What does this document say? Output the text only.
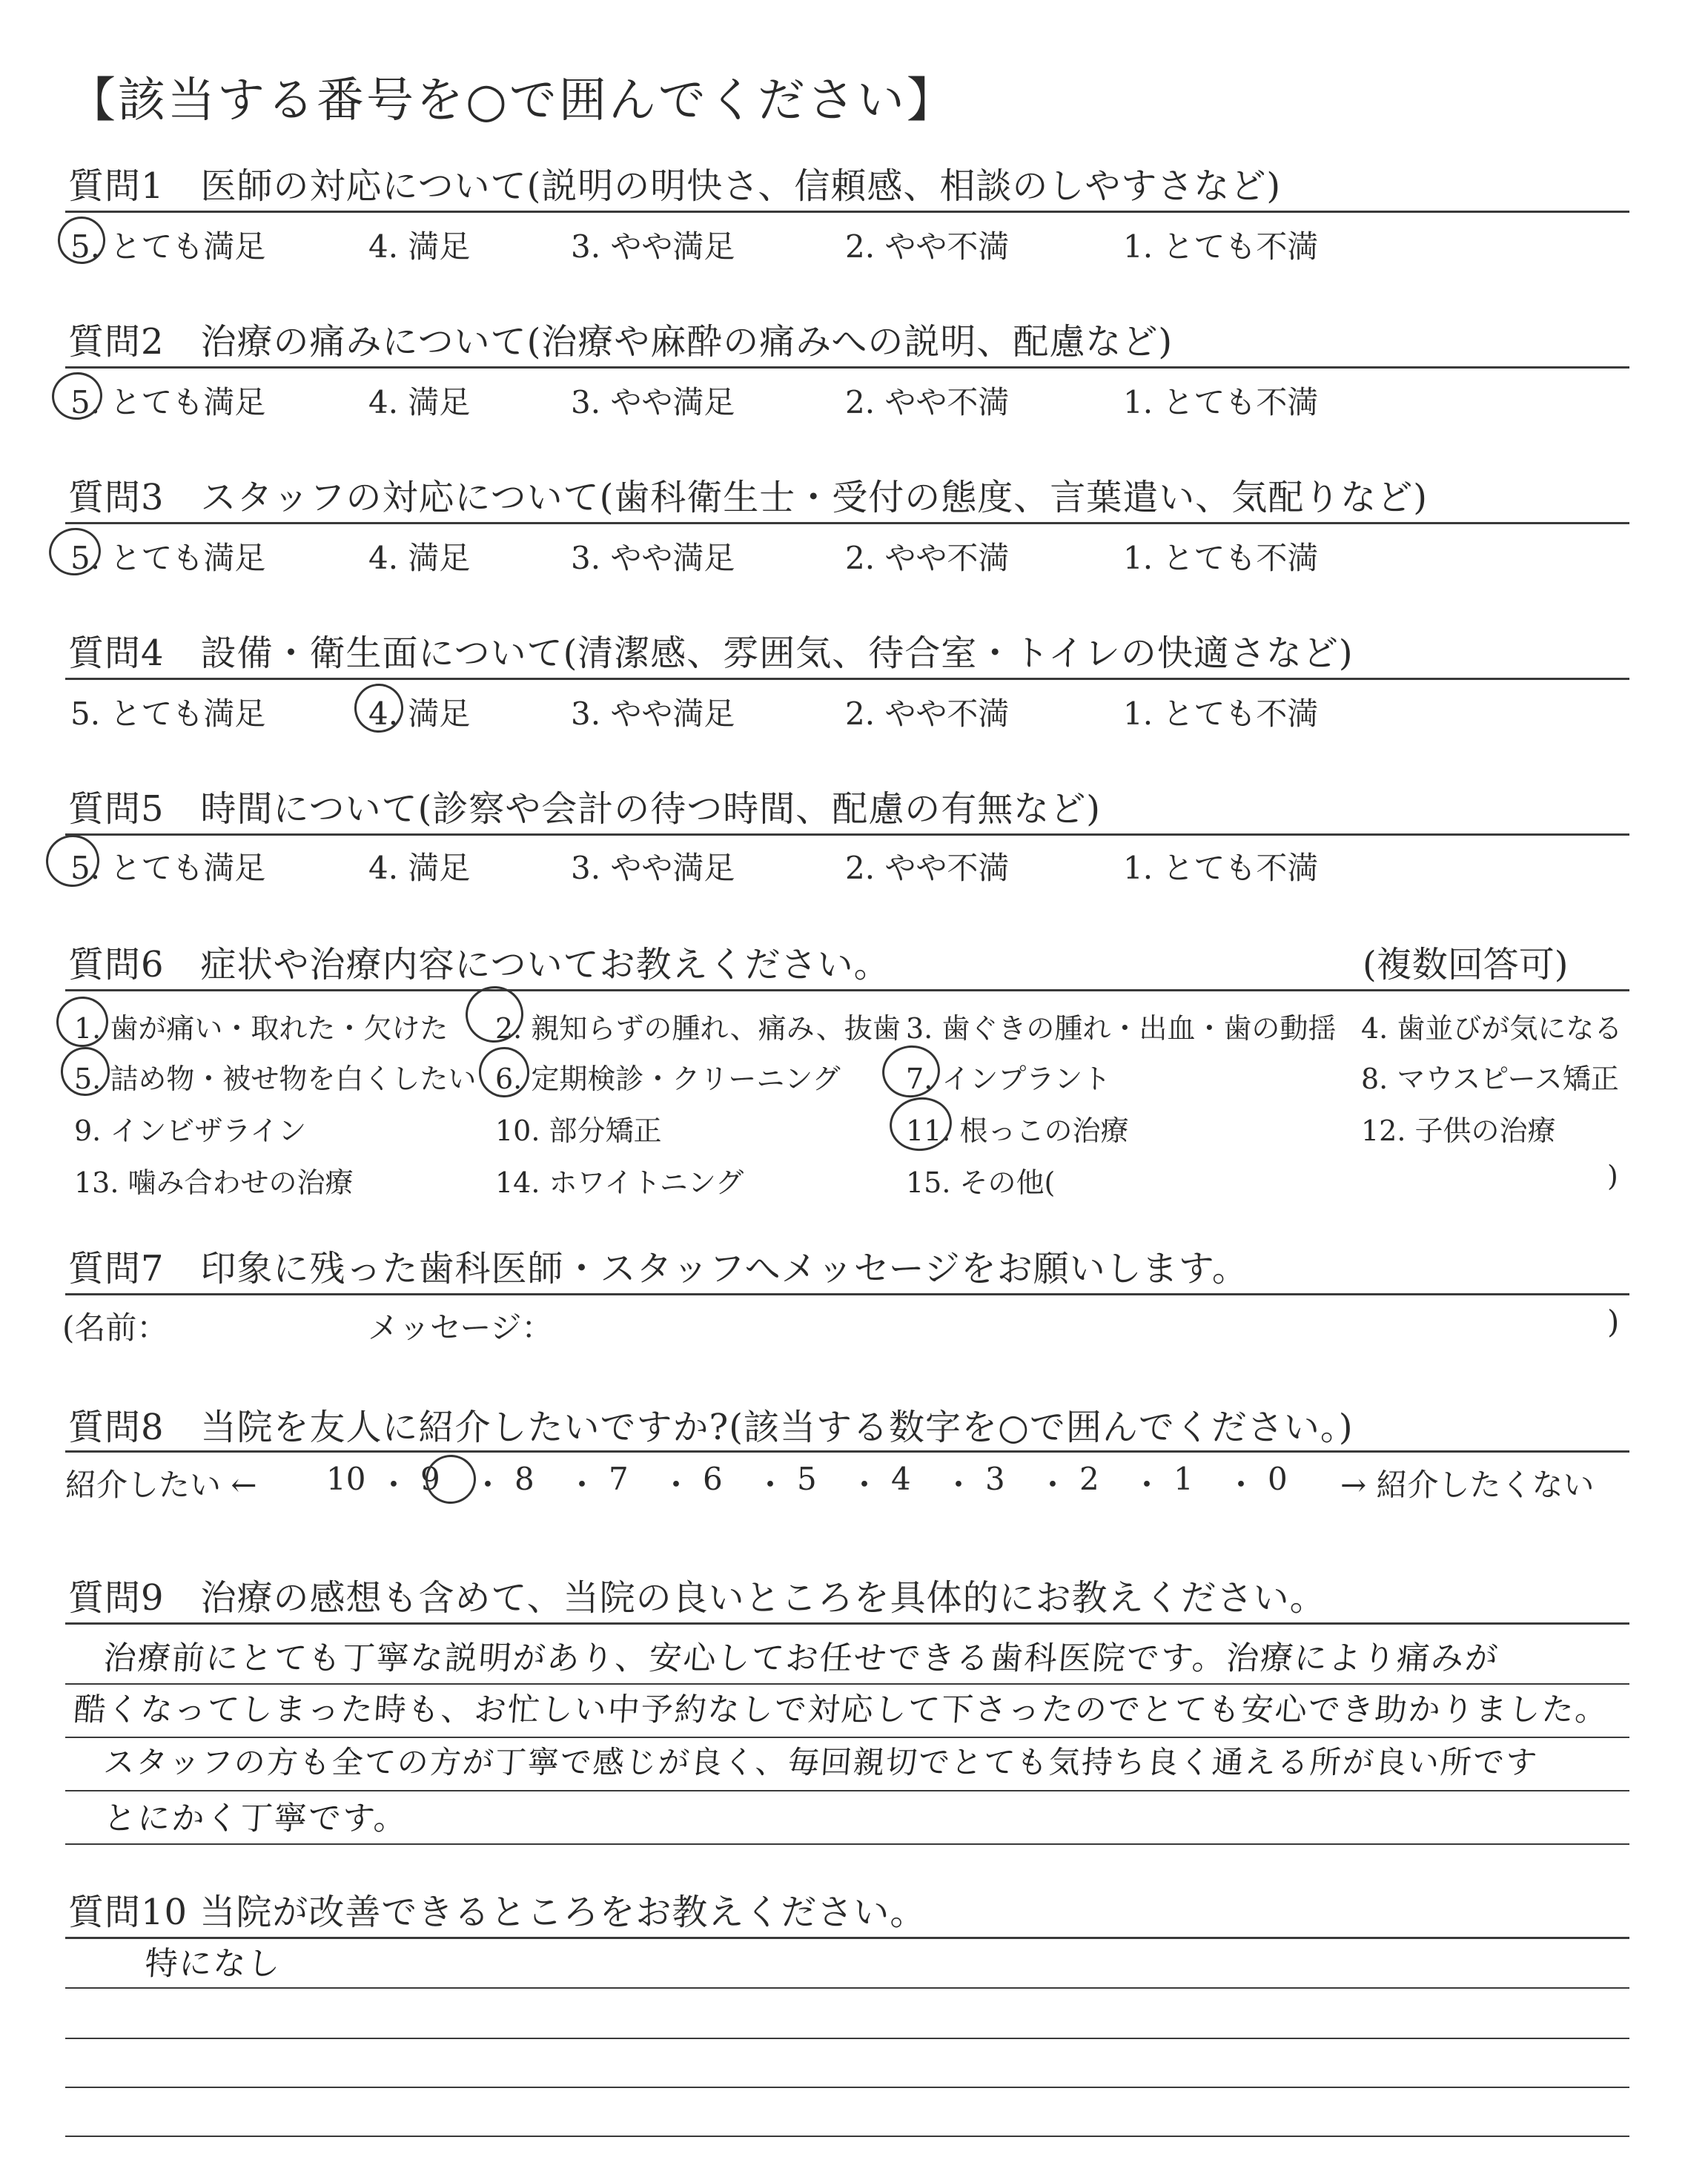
【該当する番号を○で囲んでください】
質問1　医師の対応について(説明の明快さ、信頼感、相談のしやすさなど)
5. とても満足	4. 満足	3. やや満足	2. やや不満	1. とても不満
質問2　治療の痛みについて(治療や麻酔の痛みへの説明、配慮など)
5. とても満足	4. 満足	3. やや満足	2. やや不満	1. とても不満
質問3　スタッフの対応について(歯科衛生士・受付の態度、言葉遣い、気配りなど)
5. とても満足	4. 満足	3. やや満足	2. やや不満	1. とても不満
質問4　設備・衛生面について(清潔感、雰囲気、待合室・トイレの快適さなど)
5. とても満足	4. 満足	3. やや満足	2. やや不満	1. とても不満
質問5　時間について(診察や会計の待つ時間、配慮の有無など)
5. とても満足	4. 満足	3. やや満足	2. やや不満	1. とても不満
質問6　症状や治療内容についてお教えください。	(複数回答可)
1. 歯が痛い・取れた・欠けた 2. 親知らずの腫れ、痛み、抜歯 3. 歯ぐきの腫れ・出血・歯の動揺 4. 歯並びが気になる
5. 詰め物・被せ物を白くしたい 6. 定期検診・クリーニング 7. インプラント	8. マウスピース矯正
9. インビザライン	10. 部分矯正	11. 根っこの治療	12. 子供の治療
13. 噛み合わせの治療	14. ホワイトニング	15. その他(	)
質問7　印象に残った歯科医師・スタッフへメッセージをお願いします。
(名前：	メッセージ：	)
質問8　当院を友人に紹介したいですか?(該当する数字を○で囲んでください。)
紹介したい ← 10 ・ 9 ・ 8 ・ 7 ・ 6 ・ 5 ・ 4 ・ 3 ・ 2 ・ 1 ・ 0 → 紹介したくない
質問9　治療の感想も含めて、当院の良いところを具体的にお教えください。
治療前にとても丁寧な説明があり、安心してお任せできる歯科医院です。治療により痛みが
酷くなってしまった時も、お忙しい中予約なしで対応して下さったのでとても安心でき助かりました。
スタッフの方も全ての方が丁寧で感じが良く、毎回親切でとても気持ち良く通える所が良い所です
とにかく丁寧です。
質問10 当院が改善できるところをお教えください。
特になし
